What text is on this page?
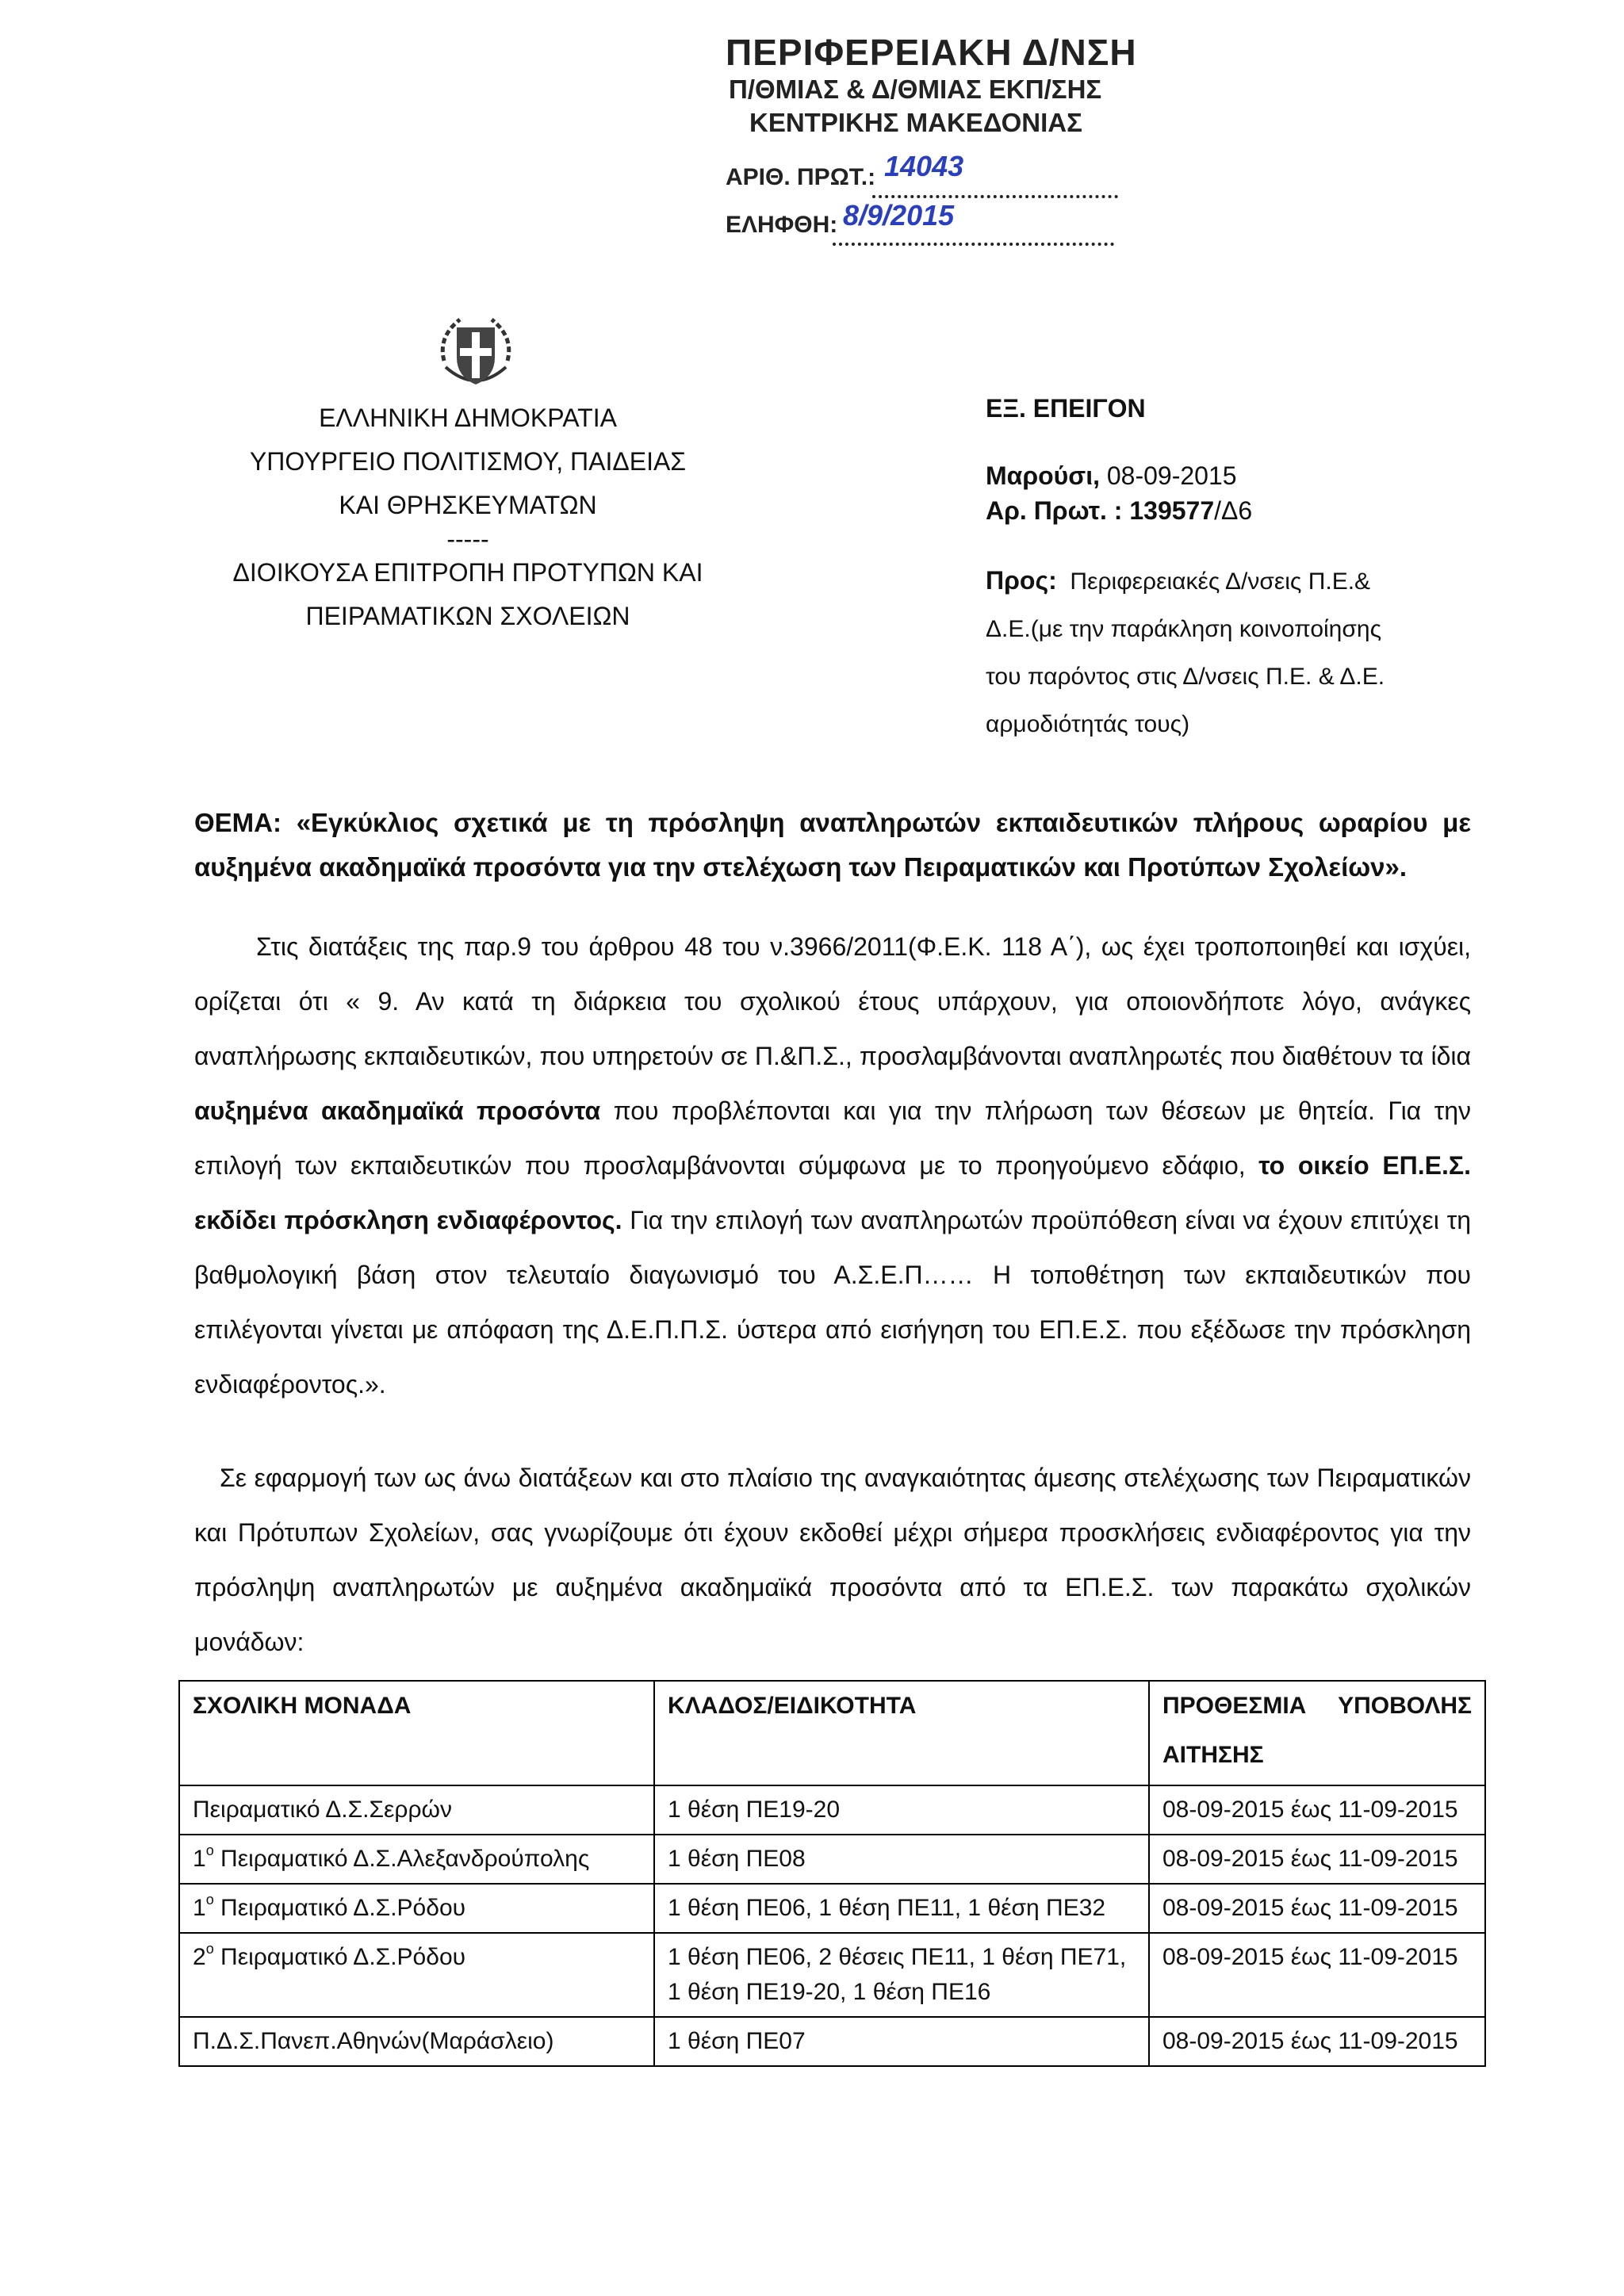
ΠΕΡΙΦΕΡΕΙΑΚΗ Δ/ΝΣΗ
Π/ΘΜΙΑΣ & Δ/ΘΜΙΑΣ ΕΚΠ/ΣΗΣ
ΚΕΝΤΡΙΚΗΣ ΜΑΚΕΔΟΝΙΑΣ
ΑΡΙΘ. ΠΡΩΤ.: 14043
ΕΛΗΦΘΗ: 8/9/2015
ΕΛΛΗΝΙΚΗ ΔΗΜΟΚΡΑΤΙΑ
ΥΠΟΥΡΓΕΙΟ ΠΟΛΙΤΙΣΜΟΥ, ΠΑΙΔΕΙΑΣ
ΚΑΙ ΘΡΗΣΚΕΥΜΑΤΩΝ
-----
ΔΙΟΙΚΟΥΣΑ ΕΠΙΤΡΟΠΗ ΠΡΟΤΥΠΩΝ ΚΑΙ
ΠΕΙΡΑΜΑΤΙΚΩΝ ΣΧΟΛΕΙΩΝ
ΕΞ. ΕΠΕΙΓΟΝ
Μαρούσι, 08-09-2015
Αρ. Πρωτ. : 139577/Δ6
Προς: Περιφερειακές Δ/νσεις Π.Ε.&
Δ.Ε.(με την παράκληση κοινοποίησης
του παρόντος στις Δ/νσεις Π.Ε. & Δ.Ε.
αρμοδιότητάς τους)
ΘΕΜΑ: «Εγκύκλιος σχετικά με τη πρόσληψη αναπληρωτών εκπαιδευτικών πλήρους ωραρίου με αυξημένα ακαδημαϊκά προσόντα για την στελέχωση των Πειραματικών και Προτύπων Σχολείων».
Στις διατάξεις της παρ.9 του άρθρου 48 του ν.3966/2011(Φ.Ε.Κ. 118 Α΄), ως έχει τροποποιηθεί και ισχύει, ορίζεται ότι « 9. Αν κατά τη διάρκεια του σχολικού έτους υπάρχουν, για οποιονδήποτε λόγο, ανάγκες αναπλήρωσης εκπαιδευτικών, που υπηρετούν σε Π.&Π.Σ., προσλαμβάνονται αναπληρωτές που διαθέτουν τα ίδια αυξημένα ακαδημαϊκά προσόντα που προβλέπονται και για την πλήρωση των θέσεων με θητεία. Για την επιλογή των εκπαιδευτικών που προσλαμβάνονται σύμφωνα με το προηγούμενο εδάφιο, το οικείο ΕΠ.Ε.Σ. εκδίδει πρόσκληση ενδιαφέροντος. Για την επιλογή των αναπληρωτών προϋπόθεση είναι να έχουν επιτύχει τη βαθμολογική βάση στον τελευταίο διαγωνισμό του Α.Σ.Ε.Π…… Η τοποθέτηση των εκπαιδευτικών που επιλέγονται γίνεται με απόφαση της Δ.Ε.Π.Π.Σ. ύστερα από εισήγηση του ΕΠ.Ε.Σ. που εξέδωσε την πρόσκληση ενδιαφέροντος.».
Σε εφαρμογή των ως άνω διατάξεων και στο πλαίσιο της αναγκαιότητας άμεσης στελέχωσης των Πειραματικών και Πρότυπων Σχολείων, σας γνωρίζουμε ότι έχουν εκδοθεί μέχρι σήμερα προσκλήσεις ενδιαφέροντος για την πρόσληψη αναπληρωτών με αυξημένα ακαδημαϊκά προσόντα από τα ΕΠ.Ε.Σ. των παρακάτω σχολικών μονάδων:
ΣΧΟΛΙΚΗ ΜΟΝΑΔΑ	ΚΛΑΔΟΣ/ΕΙΔΙΚΟΤΗΤΑ	ΠΡΟΘΕΣΜΙΑ ΥΠΟΒΟΛΗΣ
ΑΙΤΗΣΗΣ

Πειραματικό Δ.Σ.Σερρών	1 θέση ΠΕ19-20	08-09-2015 έως 11-09-2015
$1^o$ Πειραματικό Δ.Σ.Αλεξανδρούπολης	1 θέση ΠΕ08	08-09-2015 έως 11-09-2015
$1^o$ Πειραματικό Δ.Σ.Ρόδου	1 θέση ΠΕ06, 1 θέση ΠΕ11, 1 θέση ΠΕ32	08-09-2015 έως 11-09-2015
$2^o$ Πειραματικό Δ.Σ.Ρόδου	1 θέση ΠΕ06, 2 θέσεις ΠΕ11, 1 θέση ΠΕ71,
1 θέση ΠΕ19-20, 1 θέση ΠΕ16	08-09-2015 έως 11-09-2015
Π.Δ.Σ.Πανεπ.Αθηνών(Μαράσλειο)	1 θέση ΠΕ07	08-09-2015 έως 11-09-2015
